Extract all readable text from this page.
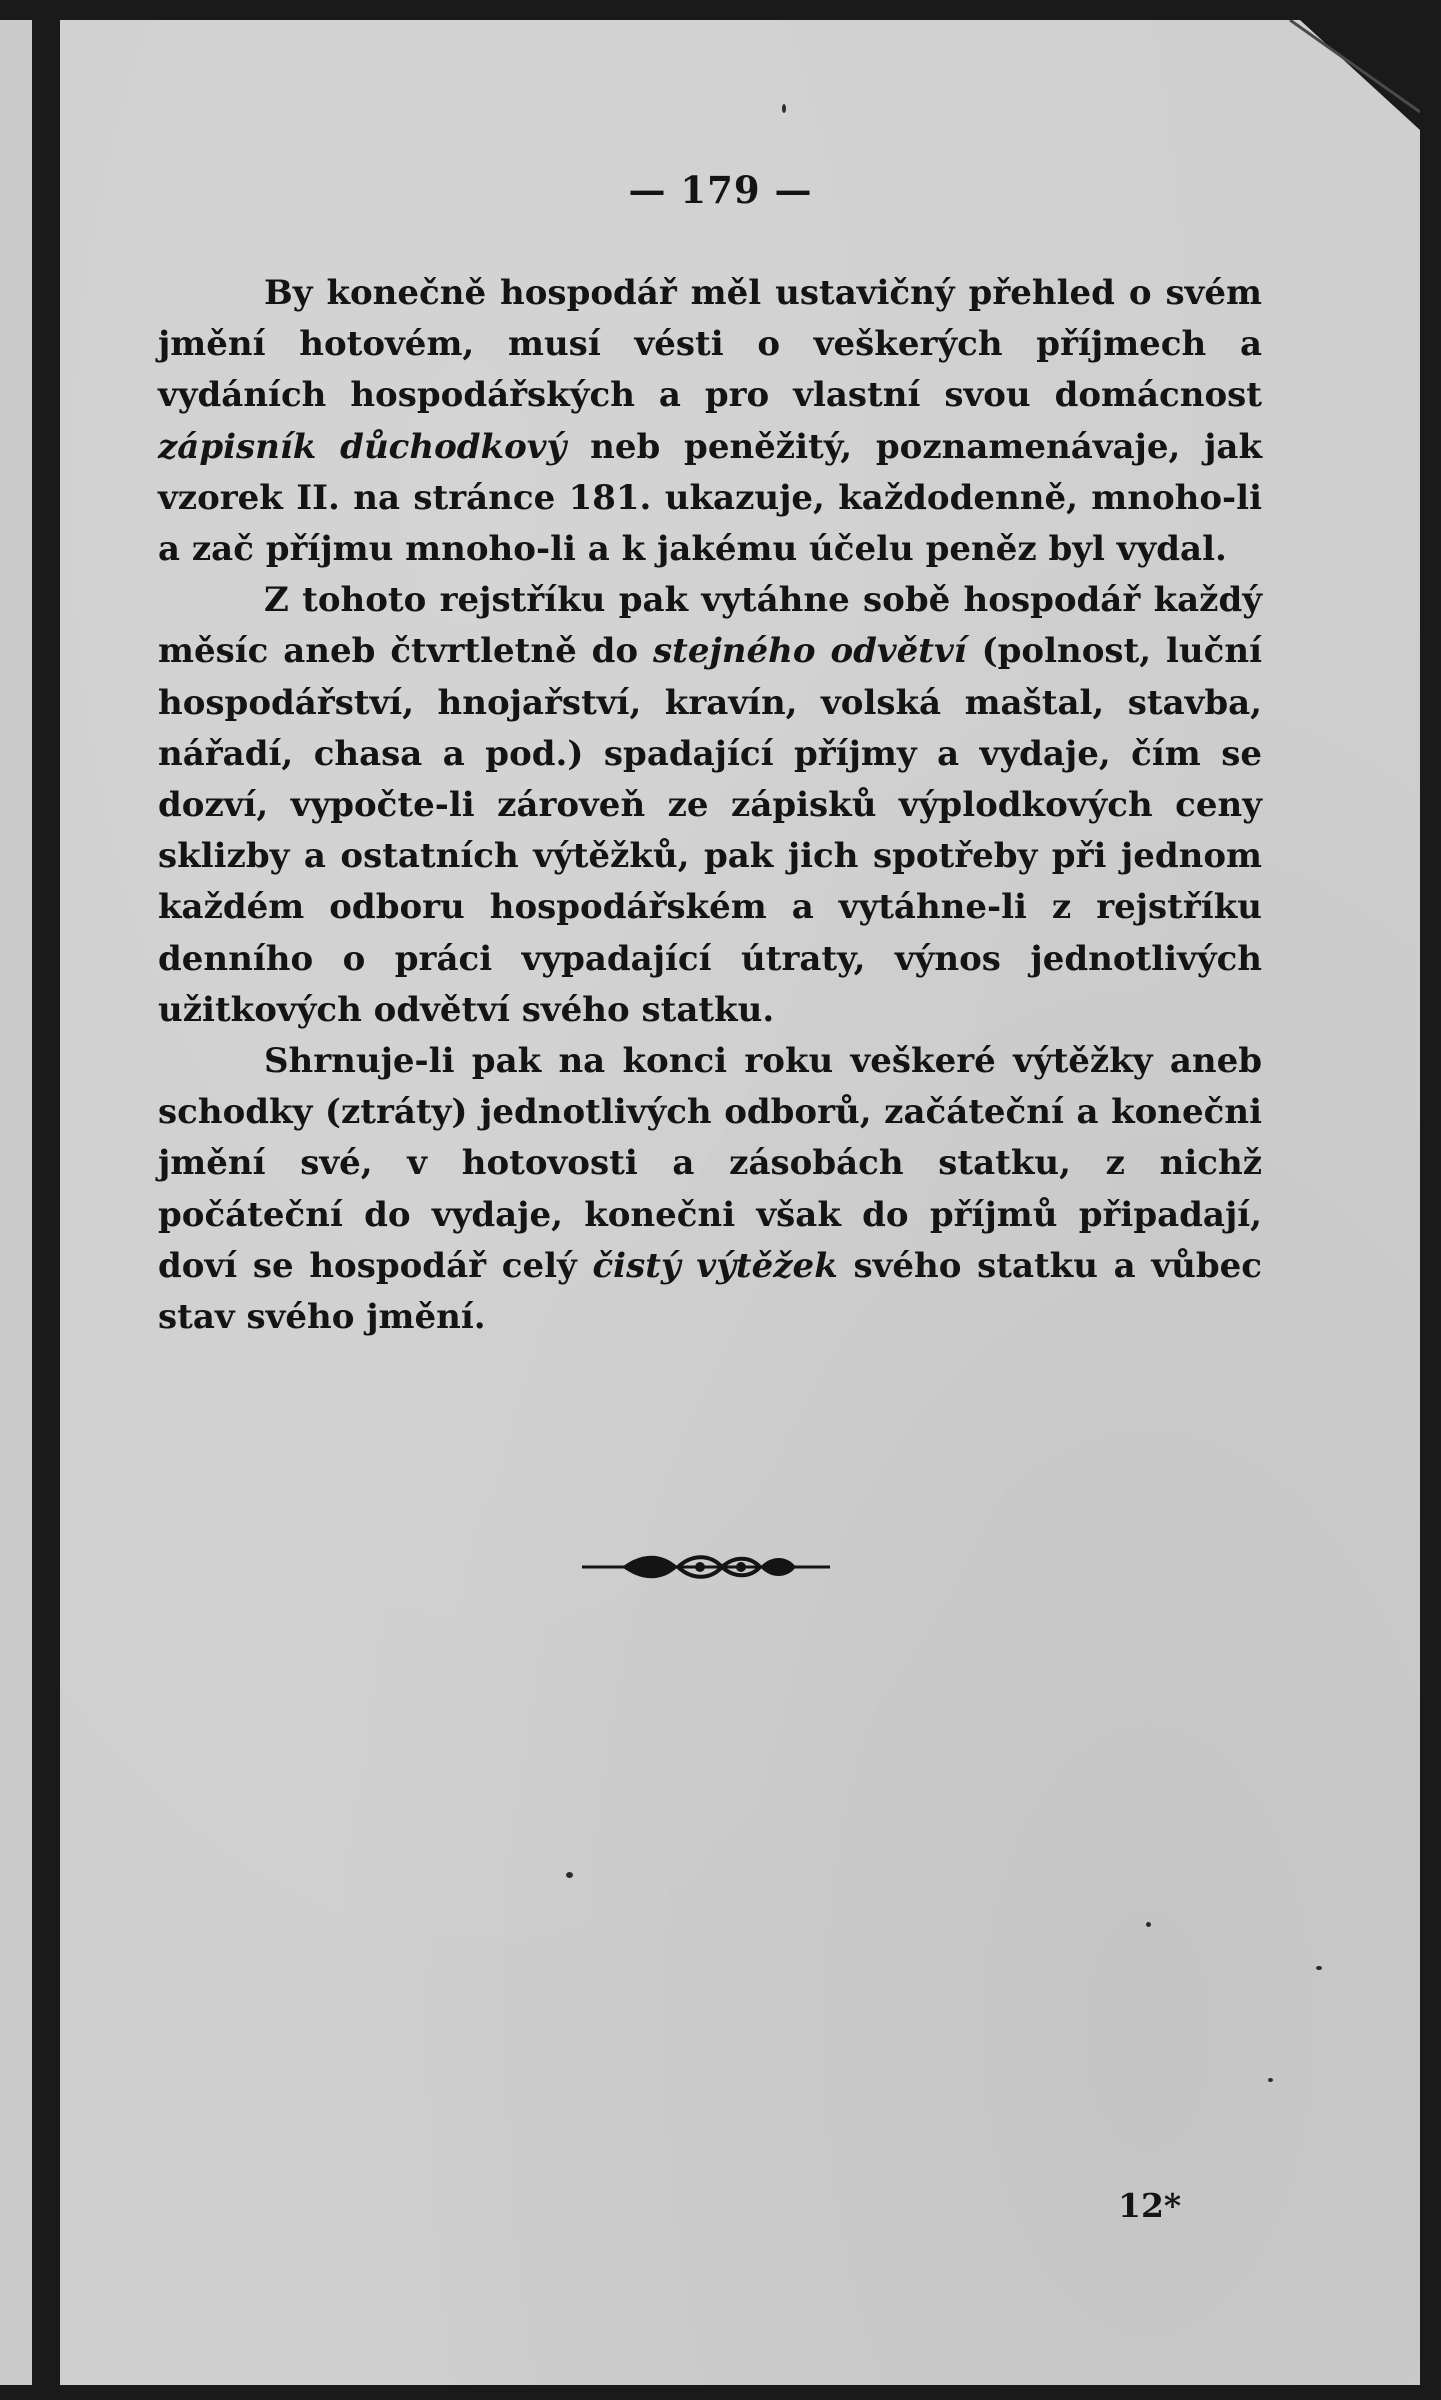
— 179 —

By konečně hospodář měl ustavičný přehled o svém jmění hotovém, musí vésti o veškerých příjmech a vydáních hospodářských a pro vlastní svou domácnost zápisník důchodkový neb peněžitý, poznamenávaje, jak vzorek II. na stránce 181. ukazuje, každodenně, mnoho-li a zač příjmu mnoho-li a k jakému účelu peněz byl vydal.

Z tohoto rejstříku pak vytáhne sobě hospodář každý měsíc aneb čtvrtletně do stejného odvětví (polnost, luční hospodářství, hnojařství, kravín, volská maštal, stavba, nářadí, chasa a pod.) spadající příjmy a vydaje, čím se dozví, vypočte-li zároveň ze zápisků výplodkových ceny sklizby a ostatních výtěžků, pak jich spotřeby při jednom každém odboru hospodářském a vytáhne-li z rejstříku denního o práci vypadající útraty, výnos jednotlivých užitkových odvětví svého statku.

Shrnuje-li pak na konci roku veškeré výtěžky aneb schodky (ztráty) jednotlivých odborů, začáteční a konečni jmění své, v hotovosti a zásobách statku, z nichž počáteční do vydaje, konečni však do příjmů připadají, doví se hospodář celý čistý výtěžek svého statku a vůbec stav svého jmění.

12*
